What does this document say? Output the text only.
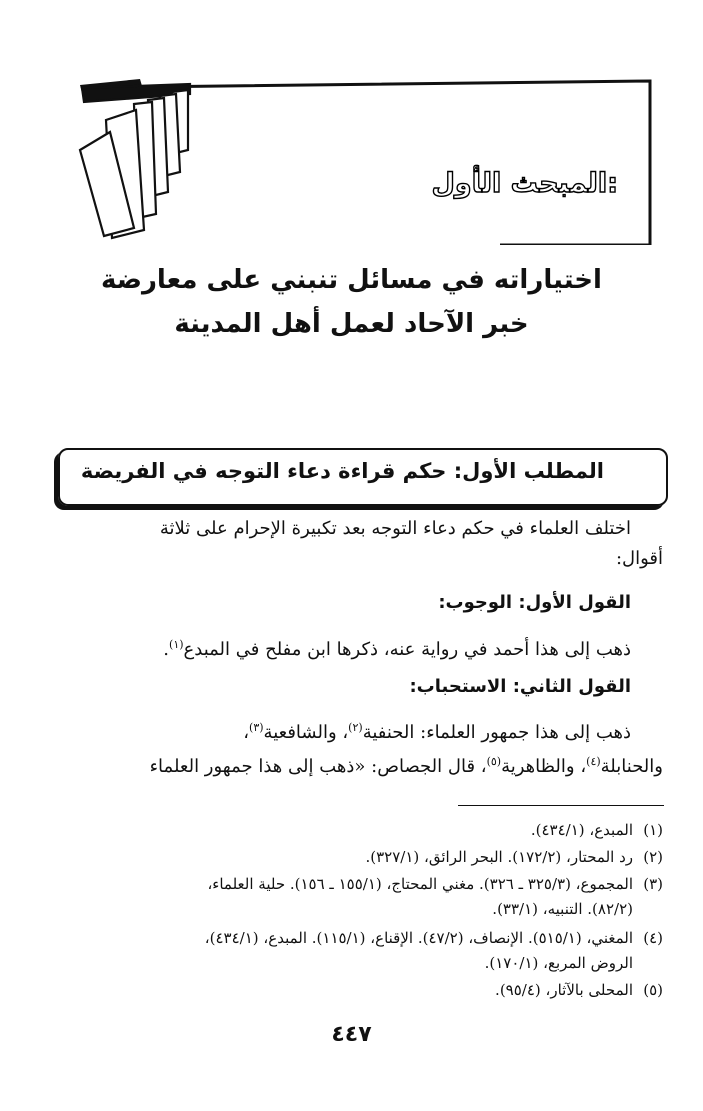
المبحث الأول:
اختياراته في مسائل تنبني على معارضة
خبر الآحاد لعمل أهل المدينة
المطلب الأول: حكم قراءة دعاء التوجه في الفريضة
اختلف العلماء في حكم دعاء التوجه بعد تكبيرة الإحرام على ثلاثة
أقوال:
القول الأول: الوجوب:
ذهب إلى هذا أحمد في رواية عنه، ذكرها ابن مفلح في المبدع$^{(١)}$.
القول الثاني: الاستحباب:
ذهب إلى هذا جمهور العلماء: الحنفية$^{(٢)}$، والشافعية$^{(٣)}$،
والحنابلة$^{(٤)}$، والظاهرية$^{(٥)}$، قال الجصاص: «ذهب إلى هذا جمهور العلماء
(١)المبدع، (٤٣٤/١).
(٢)رد المحتار، (١٧٢/٢). البحر الرائق، (٣٢٧/١).
(٣)المجموع، (٣٢٥/٣ ـ ٣٢٦). مغني المحتاج، (١٥٥/١ ـ ١٥٦). حلية العلماء،
(٨٢/٢). التنبيه، (٣٣/١).
(٤)المغني، (٥١٥/١). الإنصاف، (٤٧/٢). الإقناع، (١١٥/١). المبدع، (٤٣٤/١)،
الروض المربع، (١٧٠/١).
(٥)المحلى بالآثار، (٩٥/٤).
٤٤٧
